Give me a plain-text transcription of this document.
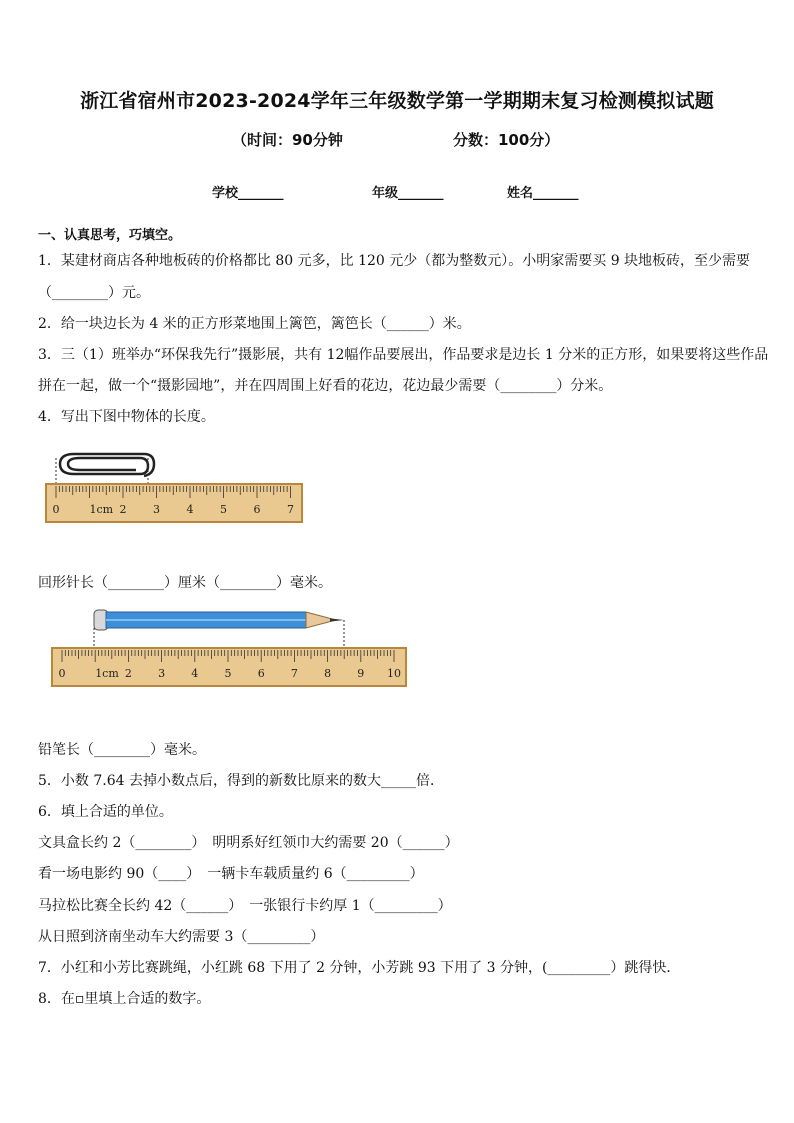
浙江省宿州市2023-2024学年三年级数学第一学期期末复习检测模拟试题
（时间：90分钟	分数：100分）
学校_______	年级_______	姓名_______
一、认真思考，巧填空。
1．某建材商店各种地板砖的价格都比 80 元多，比 120 元少（都为整数元）。小明家需要买 9 块地板砖，至少需要
（________）元。
2．给一块边长为 4 米的正方形菜地围上篱笆，篱笆长（______）米。
3．三（1）班举办“环保我先行”摄影展，共有 12幅作品要展出，作品要求是边长 1 分米的正方形，如果要将这些作品
拼在一起，做一个“摄影园地”，并在四周围上好看的花边，花边最少需要（________）分米。
4．写出下图中物体的长度。
0	1cm 2 3 4 5 6 7
回形针长（________）厘米（________）毫米。
0	1cm 2 3 4 5 6 7 8 9 10
铅笔长（________）毫米。
5．小数 7.64 去掉小数点后，得到的新数比原来的数大_____倍．
6．填上合适的单位。
文具盒长约 2（________）　明明系好红领巾大约需要 20（______）
看一场电影约 90（____）　一辆卡车载质量约 6（_________）
马拉松比赛全长约 42（______）　一张银行卡约厚 1（_________）
从日照到济南坐动车大约需要 3（_________）
7．小红和小芳比赛跳绳，小红跳 68 下用了 2 分钟，小芳跳 93 下用了 3 分钟，(_________）跳得快．
8．在▫里填上合适的数字。
